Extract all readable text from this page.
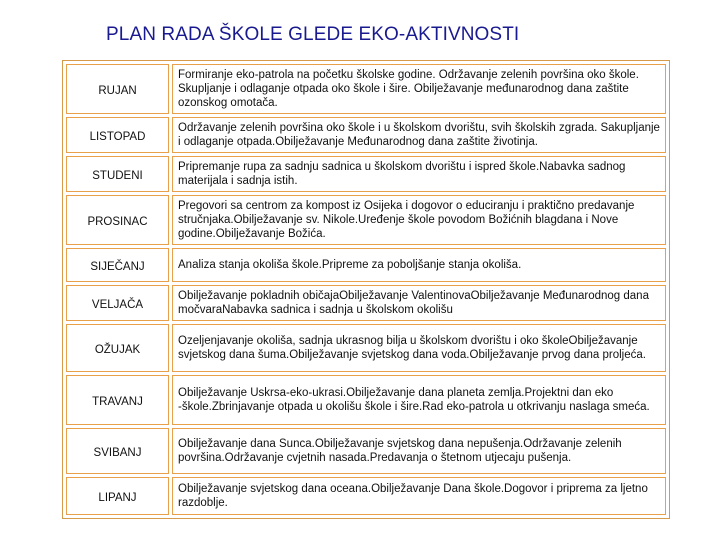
PLAN RADA ŠKOLE GLEDE EKO-AKTIVNOSTI
RUJAN	Formiranje eko-patrola na početku školske godine. Održavanje zelenih površina oko škole. Skupljanje i odlaganje otpada oko škole i šire. Obilježavanje međunarodnog dana zaštite ozonskog omotača.
LISTOPAD	Održavanje zelenih površina oko škole i u školskom dvorištu, svih školskih zgrada. Sakupljanje i odlaganje otpada.Obilježavanje Međunarodnog dana zaštite životinja.
STUDENI	Pripremanje rupa za sadnju sadnica u školskom dvorištu i ispred škole.Nabavka sadnog materijala i sadnja istih.
PROSINAC	Pregovori sa centrom za kompost iz Osijeka i dogovor o educiranju i praktično predavanje stručnjaka.Obilježavanje sv. Nikole.Uređenje škole povodom Božićnih blagdana i Nove godine.Obilježavanje Božića.
SIJEČANJ	Analiza stanja okoliša škole.Pripreme za poboljšanje stanja okoliša.
VELJAČA	Obilježavanje pokladnih običajaObilježavanje ValentinovaObilježavanje Međunarodnog dana močvaraNabavka sadnica i sadnja u školskom okolišu
OŽUJAK	Ozeljenjavanje okoliša, sadnja ukrasnog bilja u školskom dvorištu i oko školeObilježavanje svjetskog dana šuma.Obilježavanje svjetskog dana voda.Obilježavanje prvog dana proljeća.
TRAVANJ	Obilježavanje Uskrsa-eko-ukrasi.Obilježavanje dana planeta zemlja.Projektni dan eko -škole.Zbrinjavanje otpada u okolišu škole i šire.Rad eko-patrola u otkrivanju naslaga smeća.
SVIBANJ	Obilježavanje dana Sunca.Obilježavanje svjetskog dana nepušenja.Održavanje zelenih površina.Održavanje cvjetnih nasada.Predavanja o štetnom utjecaju pušenja.
LIPANJ	Obilježavanje svjetskog dana oceana.Obilježavanje Dana škole.Dogovor i priprema za ljetno razdoblje.
